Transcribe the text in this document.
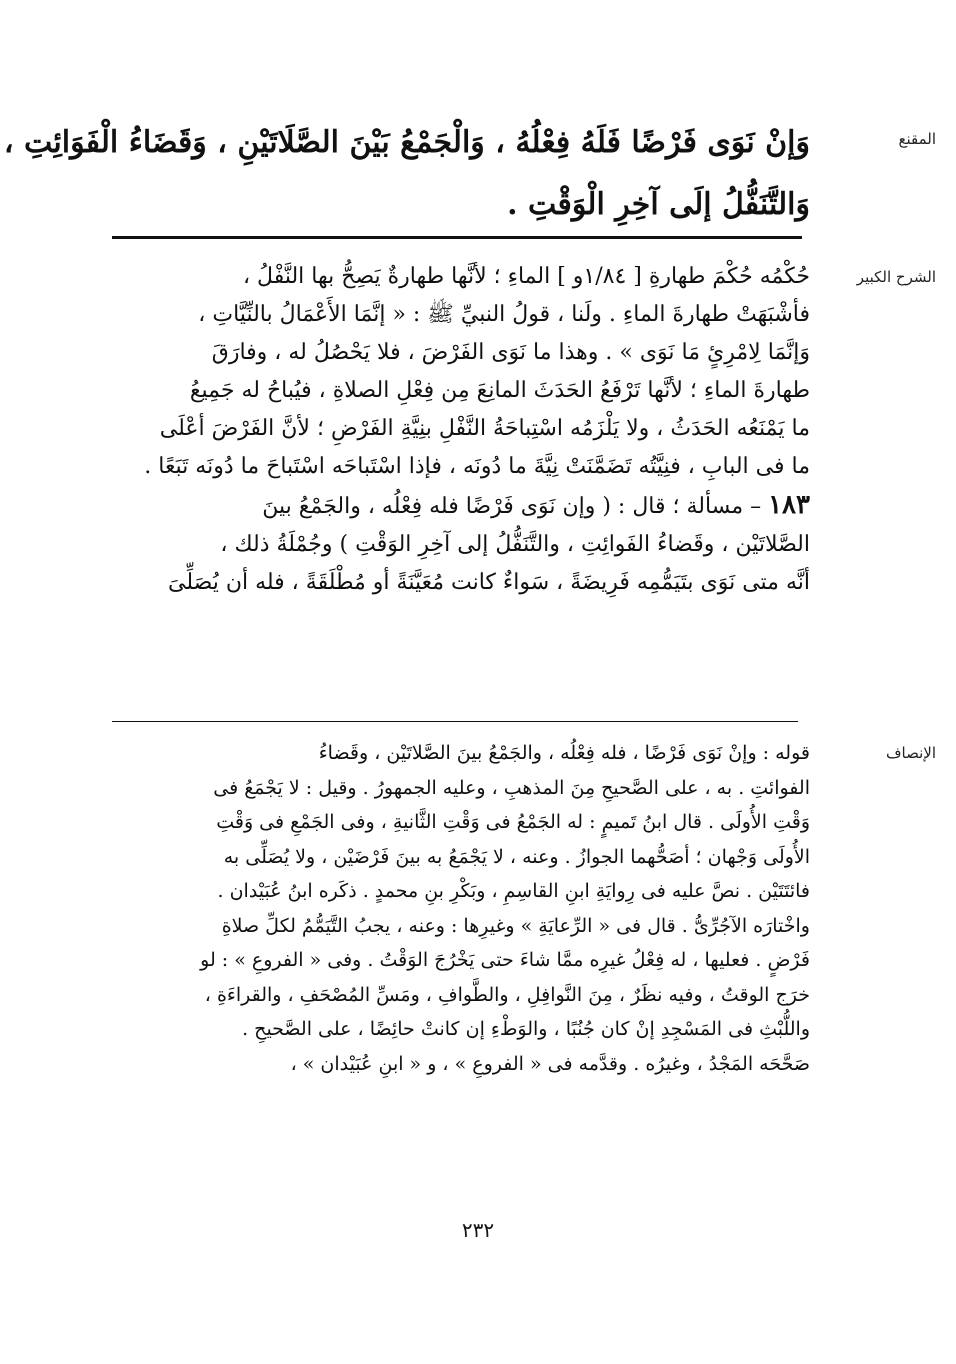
المقنع
وَإنْ نَوَى فَرْضًا فَلَهُ فِعْلُهُ ، وَالْجَمْعُ بَيْنَ الصَّلَاتَيْنِ ، وَقَضَاءُ الْفَوَائِتِ ،
وَالتَّنَفُّلُ إلَى آخِرِ الْوَقْتِ .
الشرح الكبير
حُكْمُه حُكْمَ طهارةِ [ ١/٨٤و ] الماءِ ؛ لأنَّها طهارةٌ يَصِحُّ بها النَّفْلُ ،
فأشْبَهَتْ طهارةَ الماءِ . ولَنا ، قولُ النبيِّ ﷺ : « إنَّمَا الأَعْمَالُ بالنِّيَّاتِ ،
وَإنَّمَا لِامْرِئٍ مَا نَوَى » . وهذا ما نَوَى الفَرْضَ ، فلا يَحْصُلُ له ، وفارَقَ
طهارةَ الماءِ ؛ لأنَّها تَرْفَعُ الحَدَثَ المانِعَ مِن فِعْلِ الصلاةِ ، فيُباحُ له جَمِيعُ
ما يَمْنَعُه الحَدَثُ ، ولا يَلْزَمُه اسْتِباحَةُ النَّفْلِ بنِيَّةِ الفَرْضِ ؛ لأنَّ الفَرْضَ أعْلَى
ما فى البابِ ، فنِيَّتُه تَضَمَّنَتْ نِيَّةَ ما دُونَه ، فإذا اسْتَباحَه اسْتَباحَ ما دُونَه تَبَعًا .
١٨٣ – مسألة ؛ قال : ( وإن نَوَى فَرْضًا فله فِعْلُه ، والجَمْعُ بينَ
الصَّلاتَيْن ، وقَضاءُ الفَوائِتِ ، والتَّنَفُّلُ إلى آخِرِ الوَقْتِ ) وجُمْلَةُ ذلك ،
أنَّه متى نَوَى بتَيَمُّمِه فَرِيضَةً ، سَواءٌ كانت مُعَيَّنَةً أو مُطْلَقَةً ، فله أن يُصَلِّىَ
الإنصاف
قوله : وإنْ نَوَى فَرْضًا ، فله فِعْلُه ، والجَمْعُ بينَ الصَّلاتَيْن ، وقَضاءُ
الفوائتِ . به ، على الصَّحيحِ مِنَ المذهبِ ، وعليه الجمهورُ . وقيل : لا يَجْمَعُ فى
وَقْتِ الأُولَى . قال ابنُ تَميمٍ : له الجَمْعُ فى وَقْتِ الثَّانيةِ ، وفى الجَمْعِ فى وَقْتِ
الأُولَى وَجْهان ؛ أصَحُّهما الجوازُ . وعنه ، لا يَجْمَعُ به بينَ فَرْضَيْن ، ولا يُصَلِّى به
فائتَتَيْن . نصَّ عليه فى رِوايَةِ ابنِ القاسِمِ ، وبَكْرِ بنِ محمدٍ . ذكَره ابنُ عُبَيْدان .
واخْتارَه الآجُرِّىُّ . قال فى « الرِّعايَةِ » وغيرِها : وعنه ، يجبُ التَّيَمُّمُ لكلِّ صلاةِ
فَرْضٍ . فعليها ، له فِعْلُ غيرِه ممَّا شاءَ حتى يَخْرُجَ الوَقْتُ . وفى « الفروعِ » : لو
خرَج الوقتُ ، وفيه نظَرٌ ، مِنَ النَّوافِلِ ، والطَّوافِ ، ومَسِّ المُصْحَفِ ، والقراءَةِ ،
واللُّبْثِ فى المَسْجِدِ إنْ كان جُنُبًا ، والوَطْءِ إن كانتْ حائِضًا ، على الصَّحيحِ .
صَحَّحَه المَجْدُ ، وغيرُه . وقدَّمه فى « الفروعِ » ، و « ابنِ عُبَيْدان » ،
٢٣٢
